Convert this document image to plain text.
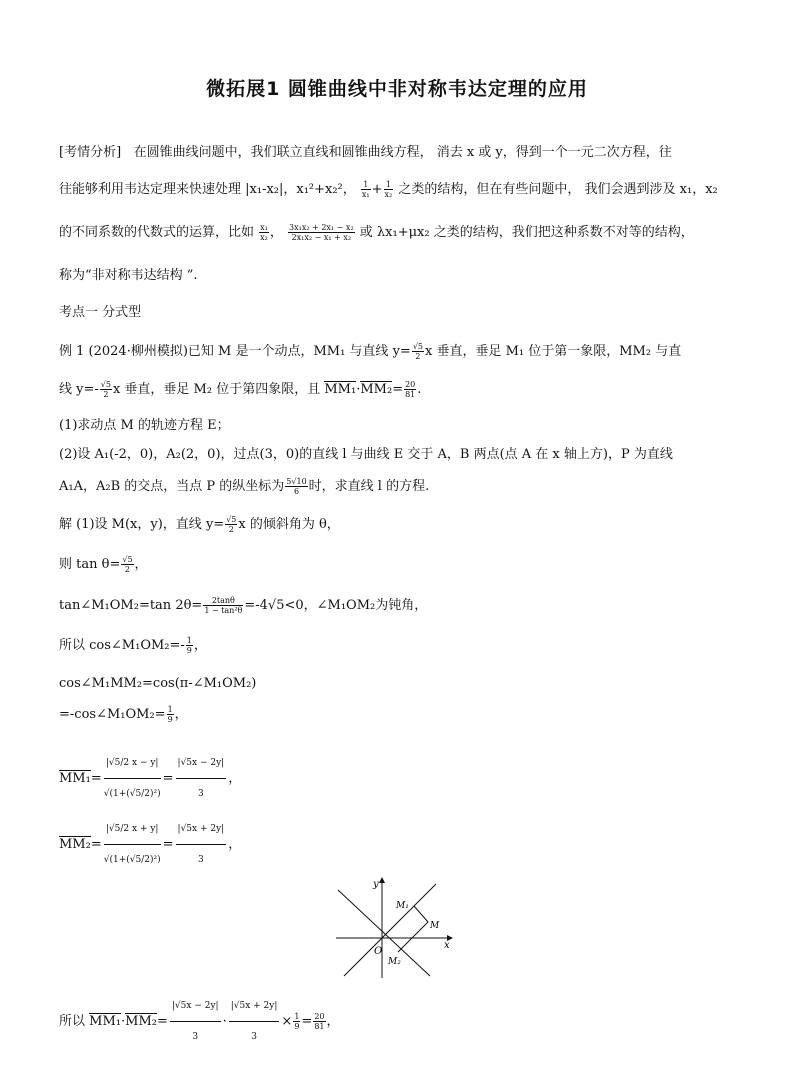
微拓展1 圆锥曲线中非对称韦达定理的应用
[考情分析] 在圆锥曲线问题中，我们联立直线和圆锥曲线方程， 消去 x 或 y，得到一个一元二次方程，往
往能够利用韦达定理来快速处理 |x₁-x₂|，x₁²+x₂²， $\frac{1}{\text{x₁}} + \frac{1}{\text{x₂}}$ 之类的结构，但在有些问题中， 我们会遇到涉及 x₁，x₂
的不同系数的代数式的运算，比如 $\frac{\text{x₁}}{\text{x₂}}$ ， $\frac{\text{3x₁x₂ + 2x₁ − x₂}}{\text{2x₁x₂ − x₁ + x₂}}$ 或 λx₁+μx₂ 之类的结构，我们把这种系数不对等的结构，
称为“非对称韦达结构 ”.
考点一 分式型
例 1 (2024·柳州模拟)已知 M 是一个动点，MM₁ 与直线 $y= \frac{√5}{2}$ x 垂直，垂足 M₁ 位于第一象限，MM₂ 与直
线 $y=- \frac{√5}{2}$ x 垂直，垂足 M₂ 位于第四象限，且 $MM_1\cdot MM_2= \frac{20}{81}$ .
(1)求动点 M 的轨迹方程 E；
(2)设 A₁(-2，0)，A₂(2，0)，过点(3，0)的直线 l 与曲线 E 交于 A，B 两点(点 A 在 x 轴上方)，P 为直线
A₁A，A₂B 的交点，当点 P 的纵坐标为 $\frac{5√10}{6}$ 时，求直线 l 的方程.
解 (1)设 M(x，y)，直线 $y= \frac{√5}{2}$ x 的倾斜角为 θ，
则 $\tan \theta= \frac{√5}{2}$ ，
tan∠M₁OM₂=tan $2\theta= \frac{2\tan\theta}{\text{1 − tan²θ}} =-4√5<0$，∠M₁OM₂为钝角，
所以 cos∠M₁OM₂=- $\frac{1}{9}$ ，
cos∠M₁MM₂=cos(π-∠M₁OM₂)
=-cos∠M₁OM₂= $\frac{1}{9}$ ，
$MM_1= \frac{|√5/2 x - y|}{\text{√(1+(√5/2)²)}} = \frac{|√5x - 2y|}{3}$ ，
$MM_2= \frac{|√5/2 x + y|}{\text{√(1+(√5/2)²)}} = \frac{|√5x + 2y|}{3}$ ，
y
x
O
M₁
M
M₂
所以 $MM_1\cdot MM_2= \frac{|√5x - 2y|}{3} \cdot \frac{|√5x + 2y|}{3} \times \frac{1}{9} = \frac{20}{81}$ ，
